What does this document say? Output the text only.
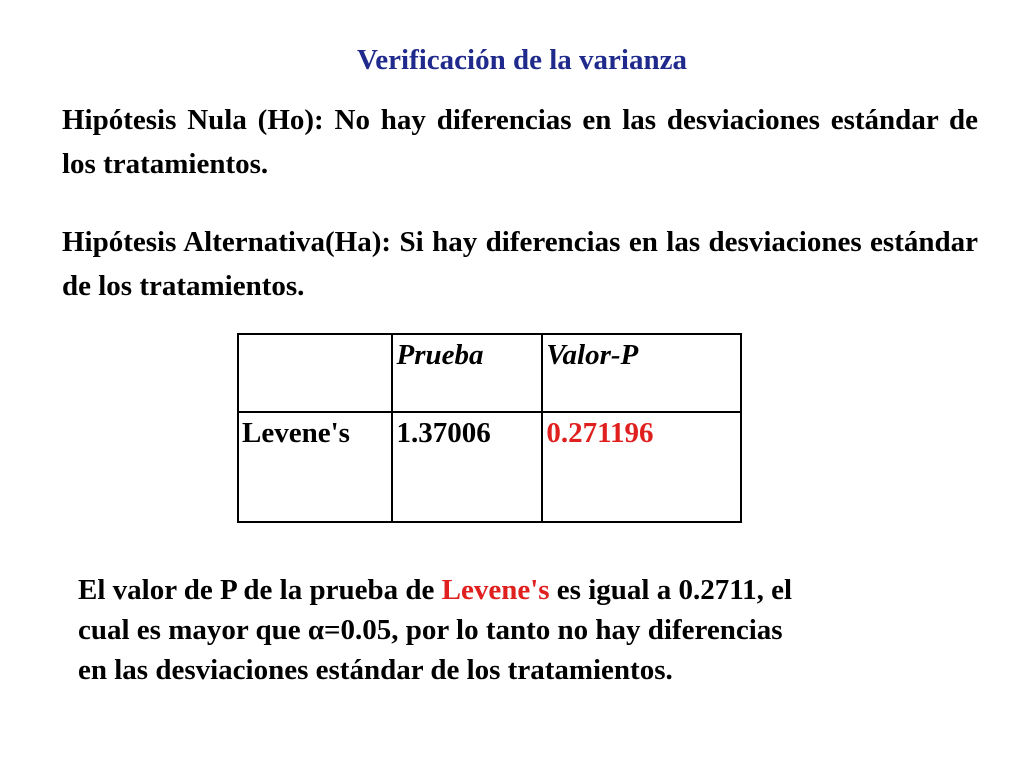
Verificación de la varianza
Hipótesis Nula (Ho): No hay diferencias en las desviaciones estándar de los tratamientos.
Hipótesis Alternativa(Ha): Si hay diferencias en las desviaciones estándar de los tratamientos.
	Prueba	Valor-P
Levene's	1.37006	0.271196
El valor de P de la prueba de Levene's es igual a 0.2711, el
cual es mayor que α=0.05, por lo tanto no hay diferencias
en las desviaciones estándar de los tratamientos.
